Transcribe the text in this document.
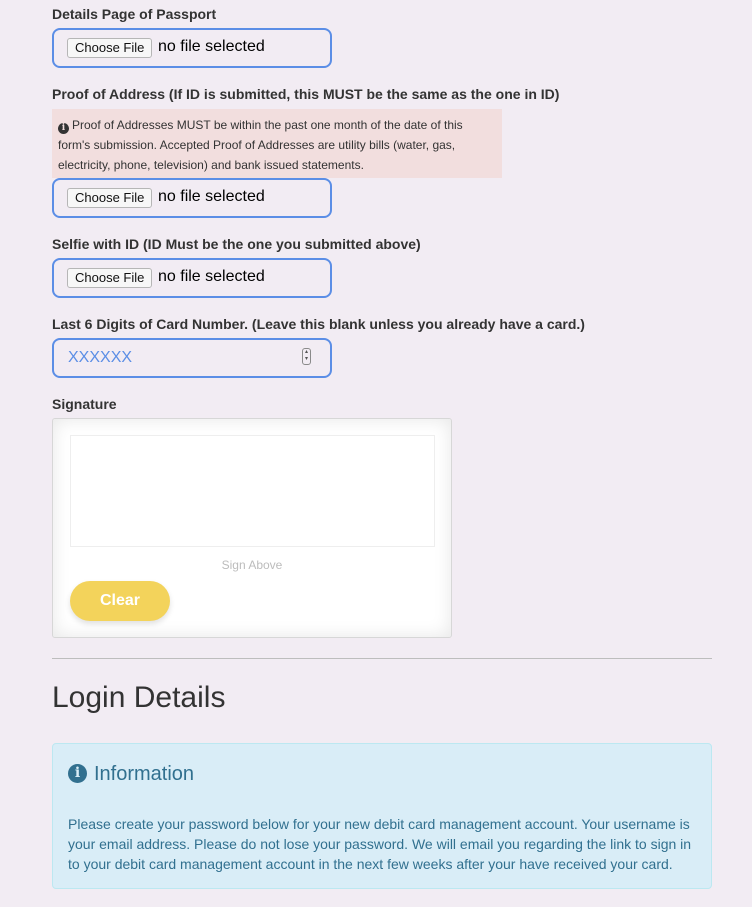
Details Page of Passport
Choose File no file selected
Proof of Address (If ID is submitted, this MUST be the same as the one in ID)
i Proof of Addresses MUST be within the past one month of the date of this form's submission. Accepted Proof of Addresses are utility bills (water, gas, electricity, phone, television) and bank issued statements.
Choose File no file selected
Selfie with ID (ID Must be the one you submitted above)
Choose File no file selected
Last 6 Digits of Card Number. (Leave this blank unless you already have a card.)
XXXXXX
▴
▾
Signature
Sign Above
Clear
Login Details
i Information
Please create your password below for your new debit card management account. Your username is your email address. Please do not lose your password. We will email you regarding the link to sign in to your debit card management account in the next few weeks after your have received your card.
